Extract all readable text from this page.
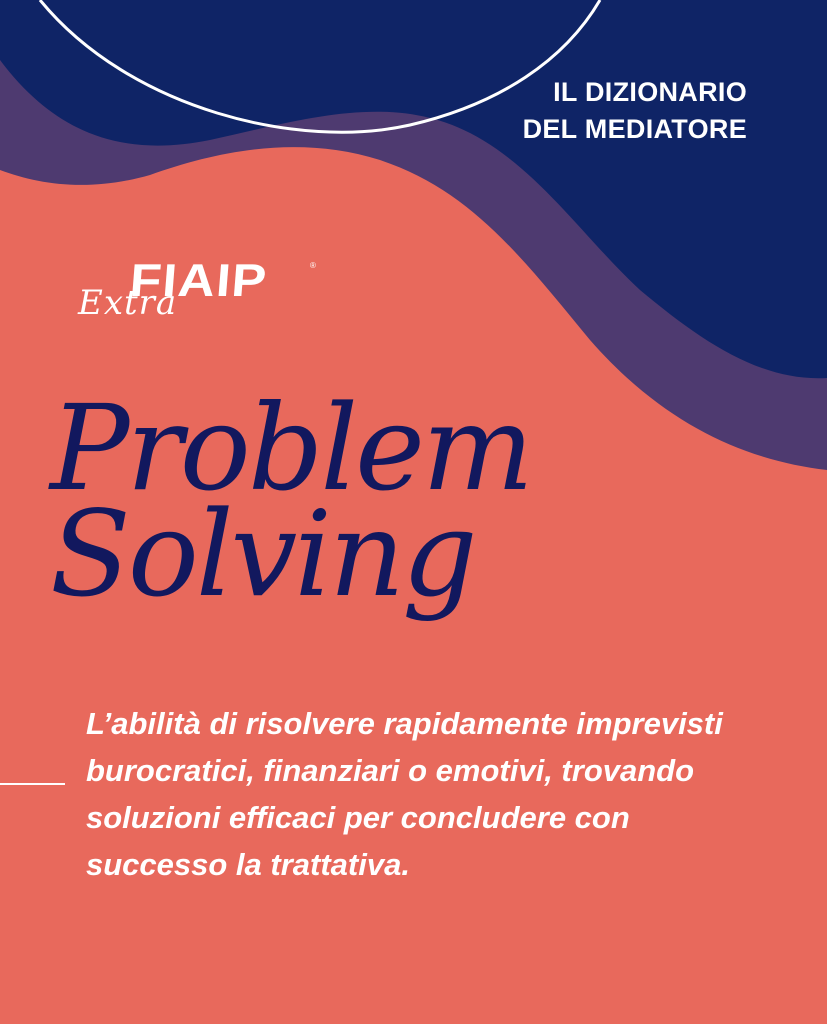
IL DIZIONARIO
DEL MEDIATORE
FIAIP	®
Extra
Problem
Solving
L’abilità di risolvere rapidamente imprevisti burocratici, finanziari o emotivi, trovando soluzioni efficaci per concludere con successo la trattativa.
